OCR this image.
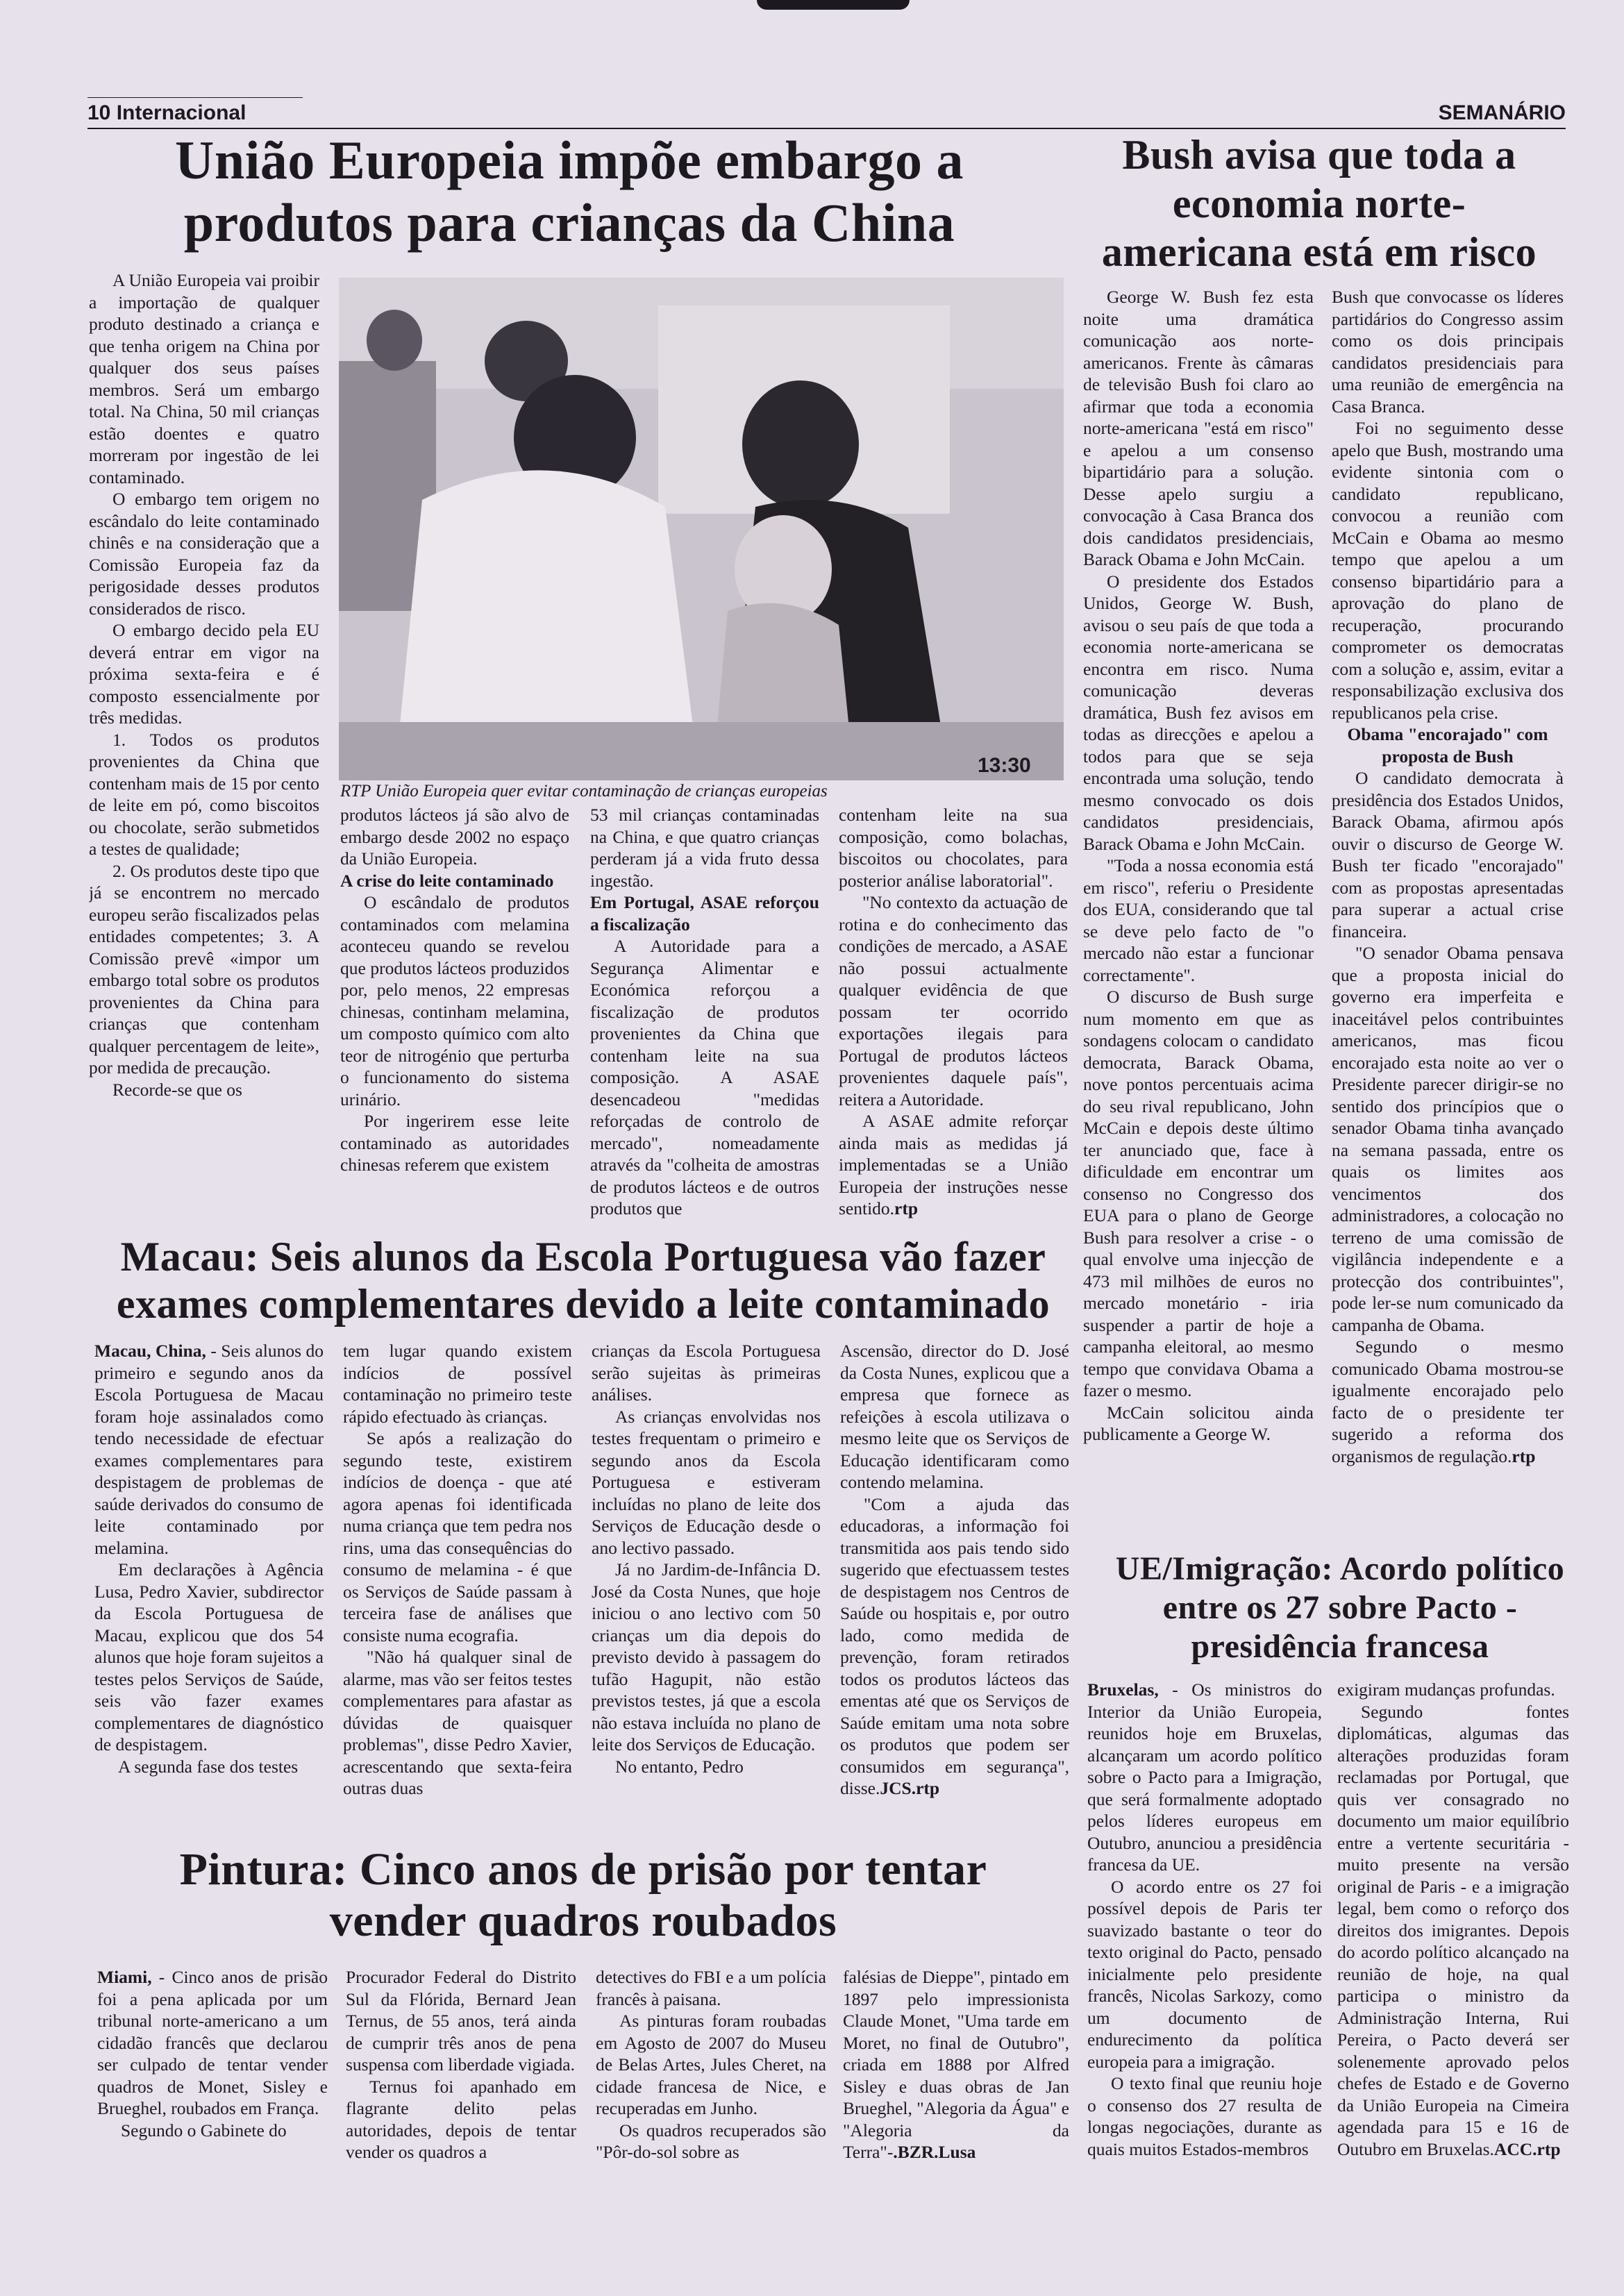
10 Internacional	SEMANÁRIO
União Europeia impõe embargo a produtos para crianças da China

A União Europeia vai proibir a importação de qualquer produto destinado a criança e que tenha origem na China por qualquer dos seus países membros. Será um embargo total. Na China, 50 mil crianças estão doentes e quatro morreram por ingestão de lei contaminado.

O embargo tem origem no escândalo do leite contaminado chinês e na consideração que a Comissão Europeia faz da perigosidade desses produtos considerados de risco.

O embargo decido pela EU deverá entrar em vigor na próxima sexta-feira e é composto essencialmente por três medidas.

1. Todos os produtos provenientes da China que contenham mais de 15 por cento de leite em pó, como biscoitos ou chocolate, serão submetidos a testes de qualidade;

2. Os produtos deste tipo que já se encontrem no mercado europeu serão fiscalizados pelas entidades competentes; 3. A Comissão prevê «impor um embargo total sobre os produtos provenientes da China para crianças que contenham qualquer percentagem de leite», por medida de precaução.

Recorde-se que os

13:30
RTP União Europeia quer evitar contaminação de crianças europeias

produtos lácteos já são alvo de embargo desde 2002 no espaço da União Europeia.

A crise do leite contaminado

O escândalo de produtos contaminados com melamina aconteceu quando se revelou que produtos lácteos produzidos por, pelo menos, 22 empresas chinesas, continham melamina, um composto químico com alto teor de nitrogénio que perturba o funcionamento do sistema urinário.

Por ingerirem esse leite contaminado as autoridades chinesas referem que existem

53 mil crianças contaminadas na China, e que quatro crianças perderam já a vida fruto dessa ingestão.

Em Portugal, ASAE reforçou a fiscalização

A Autoridade para a Segurança Alimentar e Económica reforçou a fiscalização de produtos provenientes da China que contenham leite na sua composição. A ASAE desencadeou "medidas reforçadas de controlo de mercado", nomeadamente através da "colheita de amostras de produtos lácteos e de outros produtos que

contenham leite na sua composição, como bolachas, biscoitos ou chocolates, para posterior análise laboratorial".

"No contexto da actuação de rotina e do conhecimento das condições de mercado, a ASAE não possui actualmente qualquer evidência de que possam ter ocorrido exportações ilegais para Portugal de produtos lácteos provenientes daquele país", reitera a Autoridade.

A ASAE admite reforçar ainda mais as medidas já implementadas se a União Europeia der instruções nesse sentido.rtp

Bush avisa que toda a economia norte-americana está em risco

George W. Bush fez esta noite uma dramática comunicação aos norte-americanos. Frente às câmaras de televisão Bush foi claro ao afirmar que toda a economia norte-americana "está em risco" e apelou a um consenso bipartidário para a solução. Desse apelo surgiu a convocação à Casa Branca dos dois candidatos presidenciais, Barack Obama e John McCain.

O presidente dos Estados Unidos, George W. Bush, avisou o seu país de que toda a economia norte-americana se encontra em risco. Numa comunicação deveras dramática, Bush fez avisos em todas as direcções e apelou a todos para que se seja encontrada uma solução, tendo mesmo convocado os dois candidatos presidenciais, Barack Obama e John McCain.

"Toda a nossa economia está em risco", referiu o Presidente dos EUA, considerando que tal se deve pelo facto de "o mercado não estar a funcionar correctamente".

O discurso de Bush surge num momento em que as sondagens colocam o candidato democrata, Barack Obama, nove pontos percentuais acima do seu rival republicano, John McCain e depois deste último ter anunciado que, face à dificuldade em encontrar um consenso no Congresso dos EUA para o plano de George Bush para resolver a crise - o qual envolve uma injecção de 473 mil milhões de euros no mercado monetário - iria suspender a partir de hoje a campanha eleitoral, ao mesmo tempo que convidava Obama a fazer o mesmo.

McCain solicitou ainda publicamente a George W.

Bush que convocasse os líderes partidários do Congresso assim como os dois principais candidatos presidenciais para uma reunião de emergência na Casa Branca.

Foi no seguimento desse apelo que Bush, mostrando uma evidente sintonia com o candidato republicano, convocou a reunião com McCain e Obama ao mesmo tempo que apelou a um consenso bipartidário para a aprovação do plano de recuperação, procurando comprometer os democratas com a solução e, assim, evitar a responsabilização exclusiva dos republicanos pela crise.

Obama "encorajado" com proposta de Bush

O candidato democrata à presidência dos Estados Unidos, Barack Obama, afirmou após ouvir o discurso de George W. Bush ter ficado "encorajado" com as propostas apresentadas para superar a actual crise financeira.

"O senador Obama pensava que a proposta inicial do governo era imperfeita e inaceitável pelos contribuintes americanos, mas ficou encorajado esta noite ao ver o Presidente parecer dirigir-se no sentido dos princípios que o senador Obama tinha avançado na semana passada, entre os quais os limites aos vencimentos dos administradores, a colocação no terreno de uma comissão de vigilância independente e a protecção dos contribuintes", pode ler-se num comunicado da campanha de Obama.

Segundo o mesmo comunicado Obama mostrou-se igualmente encorajado pelo facto de o presidente ter sugerido a reforma dos organismos de regulação.rtp

Macau: Seis alunos da Escola Portuguesa vão fazer exames complementares devido a leite contaminado

Macau, China, - Seis alunos do primeiro e segundo anos da Escola Portuguesa de Macau foram hoje assinalados como tendo necessidade de efectuar exames complementares para despistagem de problemas de saúde derivados do consumo de leite contaminado por melamina.

Em declarações à Agência Lusa, Pedro Xavier, subdirector da Escola Portuguesa de Macau, explicou que dos 54 alunos que hoje foram sujeitos a testes pelos Serviços de Saúde, seis vão fazer exames complementares de diagnóstico de despistagem.

A segunda fase dos testes

tem lugar quando existem indícios de possível contaminação no primeiro teste rápido efectuado às crianças.

Se após a realização do segundo teste, existirem indícios de doença - que até agora apenas foi identificada numa criança que tem pedra nos rins, uma das consequências do consumo de melamina - é que os Serviços de Saúde passam à terceira fase de análises que consiste numa ecografia.

"Não há qualquer sinal de alarme, mas vão ser feitos testes complementares para afastar as dúvidas de quaisquer problemas", disse Pedro Xavier, acrescentando que sexta-feira outras duas

crianças da Escola Portuguesa serão sujeitas às primeiras análises.

As crianças envolvidas nos testes frequentam o primeiro e segundo anos da Escola Portuguesa e estiveram incluídas no plano de leite dos Serviços de Educação desde o ano lectivo passado.

Já no Jardim-de-Infância D. José da Costa Nunes, que hoje iniciou o ano lectivo com 50 crianças um dia depois do previsto devido à passagem do tufão Hagupit, não estão previstos testes, já que a escola não estava incluída no plano de leite dos Serviços de Educação.

No entanto, Pedro

Ascensão, director do D. José da Costa Nunes, explicou que a empresa que fornece as refeições à escola utilizava o mesmo leite que os Serviços de Educação identificaram como contendo melamina.

"Com a ajuda das educadoras, a informação foi transmitida aos pais tendo sido sugerido que efectuassem testes de despistagem nos Centros de Saúde ou hospitais e, por outro lado, como medida de prevenção, foram retirados todos os produtos lácteos das ementas até que os Serviços de Saúde emitam uma nota sobre os produtos que podem ser consumidos em segurança", disse.JCS.rtp

UE/Imigração: Acordo político entre os 27 sobre Pacto - presidência francesa

Bruxelas, - Os ministros do Interior da União Europeia, reunidos hoje em Bruxelas, alcançaram um acordo político sobre o Pacto para a Imigração, que será formalmente adoptado pelos líderes europeus em Outubro, anunciou a presidência francesa da UE.

O acordo entre os 27 foi possível depois de Paris ter suavizado bastante o teor do texto original do Pacto, pensado inicialmente pelo presidente francês, Nicolas Sarkozy, como um documento de endurecimento da política europeia para a imigração.

O texto final que reuniu hoje o consenso dos 27 resulta de longas negociações, durante as quais muitos Estados-membros

exigiram mudanças profundas.

Segundo fontes diplomáticas, algumas das alterações produzidas foram reclamadas por Portugal, que quis ver consagrado no documento um maior equilíbrio entre a vertente securitária - muito presente na versão original de Paris - e a imigração legal, bem como o reforço dos direitos dos imigrantes. Depois do acordo político alcançado na reunião de hoje, na qual participa o ministro da Administração Interna, Rui Pereira, o Pacto deverá ser solenemente aprovado pelos chefes de Estado e de Governo da União Europeia na Cimeira agendada para 15 e 16 de Outubro em Bruxelas.ACC.rtp

Pintura: Cinco anos de prisão por tentar vender quadros roubados

Miami, - Cinco anos de prisão foi a pena aplicada por um tribunal norte-americano a um cidadão francês que declarou ser culpado de tentar vender quadros de Monet, Sisley e Brueghel, roubados em França.

Segundo o Gabinete do

Procurador Federal do Distrito Sul da Flórida, Bernard Jean Ternus, de 55 anos, terá ainda de cumprir três anos de pena suspensa com liberdade vigiada.

Ternus foi apanhado em flagrante delito pelas autoridades, depois de tentar vender os quadros a

detectives do FBI e a um polícia francês à paisana.

As pinturas foram roubadas em Agosto de 2007 do Museu de Belas Artes, Jules Cheret, na cidade francesa de Nice, e recuperadas em Junho.

Os quadros recuperados são "Pôr-do-sol sobre as

falésias de Dieppe", pintado em 1897 pelo impressionista Claude Monet, "Uma tarde em Moret, no final de Outubro", criada em 1888 por Alfred Sisley e duas obras de Jan Brueghel, "Alegoria da Água" e "Alegoria da Terra"-.BZR.Lusa
